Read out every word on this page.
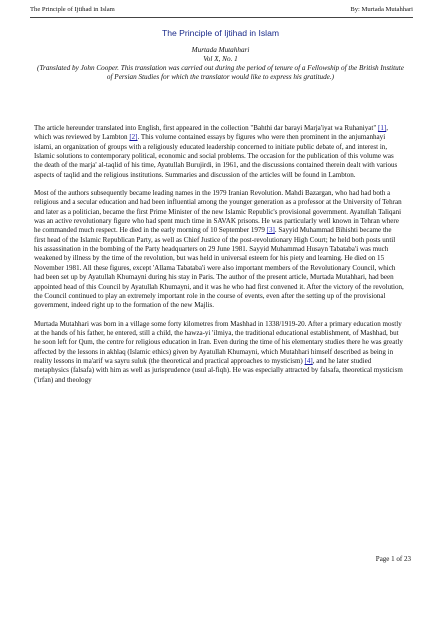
The Principle of Ijtihad in Islam	By: Murtada Mutahhari
The Principle of Ijtihad in Islam
Murtada Mutahhari
Vol X, No. 1
(Translated by John Cooper. This translation was carried out during the period of tenure of a Fellowship of the British Institute of Persian Studies for which the translator would like to express his gratitude.)

The article hereunder translated into English, first appeared in the collection "Bahthi dar barayi Marja'iyat wa Ruhaniyat" [1], which was reviewed by Lambton [2]. This volume contained essays by figures who were then prominent in the anjumanhayi islami, an organization of groups with a religiously educated leadership concerned to initiate public debate of, and interest in, Islamic solutions to contemporary political, economic and social problems. The occasion for the publication of this volume was the death of the marja' al-taqlid of his time, Ayatullah Burujirdi, in 1961, and the discussions contained therein dealt with various aspects of taqlid and the religious institutions. Summaries and discussion of the articles will be found in Lambton.

Most of the authors subsequently became leading names in the 1979 Iranian Revolution. Mahdi Bazargan, who had had both a religious and a secular education and had been influential among the younger generation as a professor at the University of Tehran and later as a politician, became the first Prime Minister of the new Islamic Republic's provisional government. Ayatullah Taliqani was an active revolutionary figure who had spent much time in SAVAK prisons. He was particularly well known in Tehran where he commanded much respect. He died in the early morning of 10 September 1979 [3]. Sayyid Muhammad Bihishti became the first head of the Islamic Republican Party, as well as Chief Justice of the post-revolutionary High Court; he held both posts until his assassination in the bombing of the Party headquarters on 29 June 1981. Sayyid Muhammad Husayn Tabataba'i was much weakened by illness by the time of the revolution, but was held in universal esteem for his piety and learning. He died on 15 November 1981. All these figures, except 'Allama Tabataba'i were also important members of the Revolutionary Council, which had been set up by Ayatullah Khumayni during his stay in Paris. The author of the present article, Murtada Mutahhari, had been appointed head of this Council by Ayatullah Khumayni, and it was he who had first convened it. After the victory of the revolution, the Council continued to play an extremely important role in the course of events, even after the setting up of the provisional government, indeed right up to the formation of the new Majlis.

Murtada Mutahhari was born in a village some forty kilometres from Mashhad in 1338/1919-20. After a primary education mostly at the hands of his father, he entered, still a child, the hawza-yi 'ilmiya, the traditional educational establishment, of Mashhad, but he soon left for Qum, the centre for religious education in Iran. Even during the time of his elementary studies there he was greatly affected by the lessons in akhlaq (Islamic ethics) given by Ayatullah Khumayni, which Mutahhari himself described as being in reality lessons in ma'arif wa sayru suluk (the theoretical and practical approaches to mysticism) [4], and he later studied metaphysics (falsafa) with him as well as jurisprudence (usul al-fiqh). He was especially attracted by falsafa, theoretical mysticism ('irfan) and theology

Page 1 of 23
